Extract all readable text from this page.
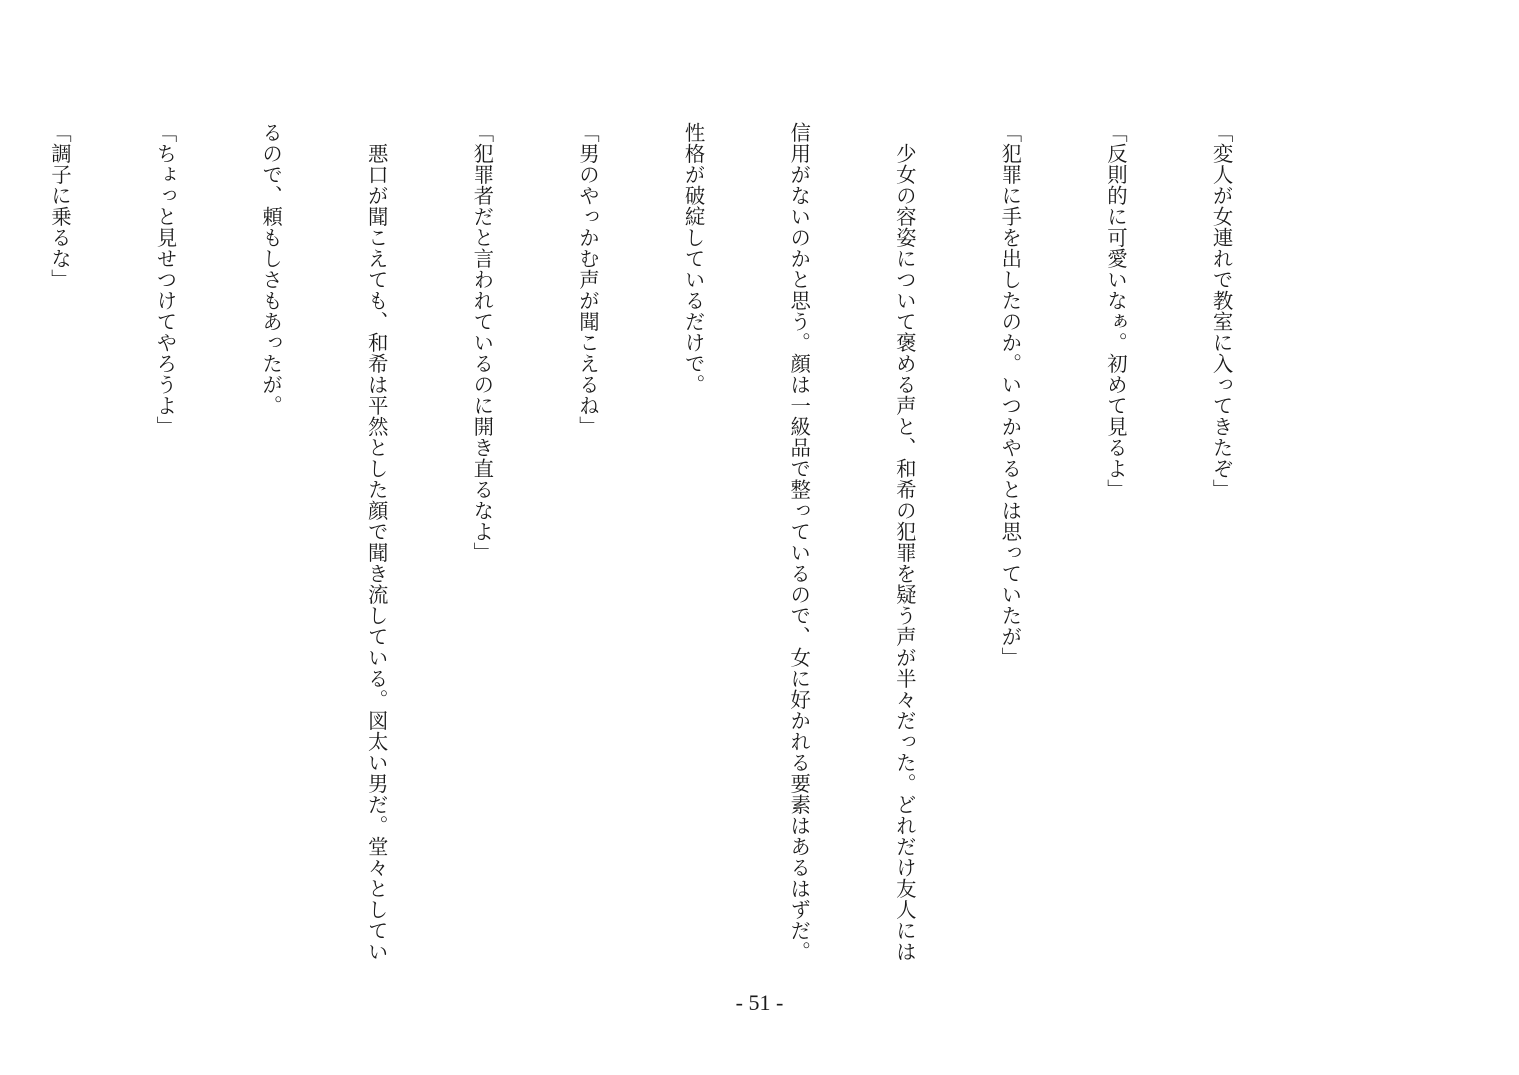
「変人が女連れで教室に入ってきたぞ」

「反則的に可愛いなぁ。初めて見るよ」

「犯罪に手を出したのか。いつかやるとは思っていたが」

　少女の容姿について褒める声と、和希の犯罪を疑う声が半々だった。どれだけ友人には

信用がないのかと思う。顔は一級品で整っているので、女に好かれる要素はあるはずだ。

性格が破綻しているだけで。

「男のやっかむ声が聞こえるね」

「犯罪者だと言われているのに開き直るなよ」

　悪口が聞こえても、和希は平然とした顔で聞き流している。図太い男だ。堂々としてい

るので、頼もしさもあったが。

「ちょっと見せつけてやろうよ」

「調子に乗るな」

- 51 -
